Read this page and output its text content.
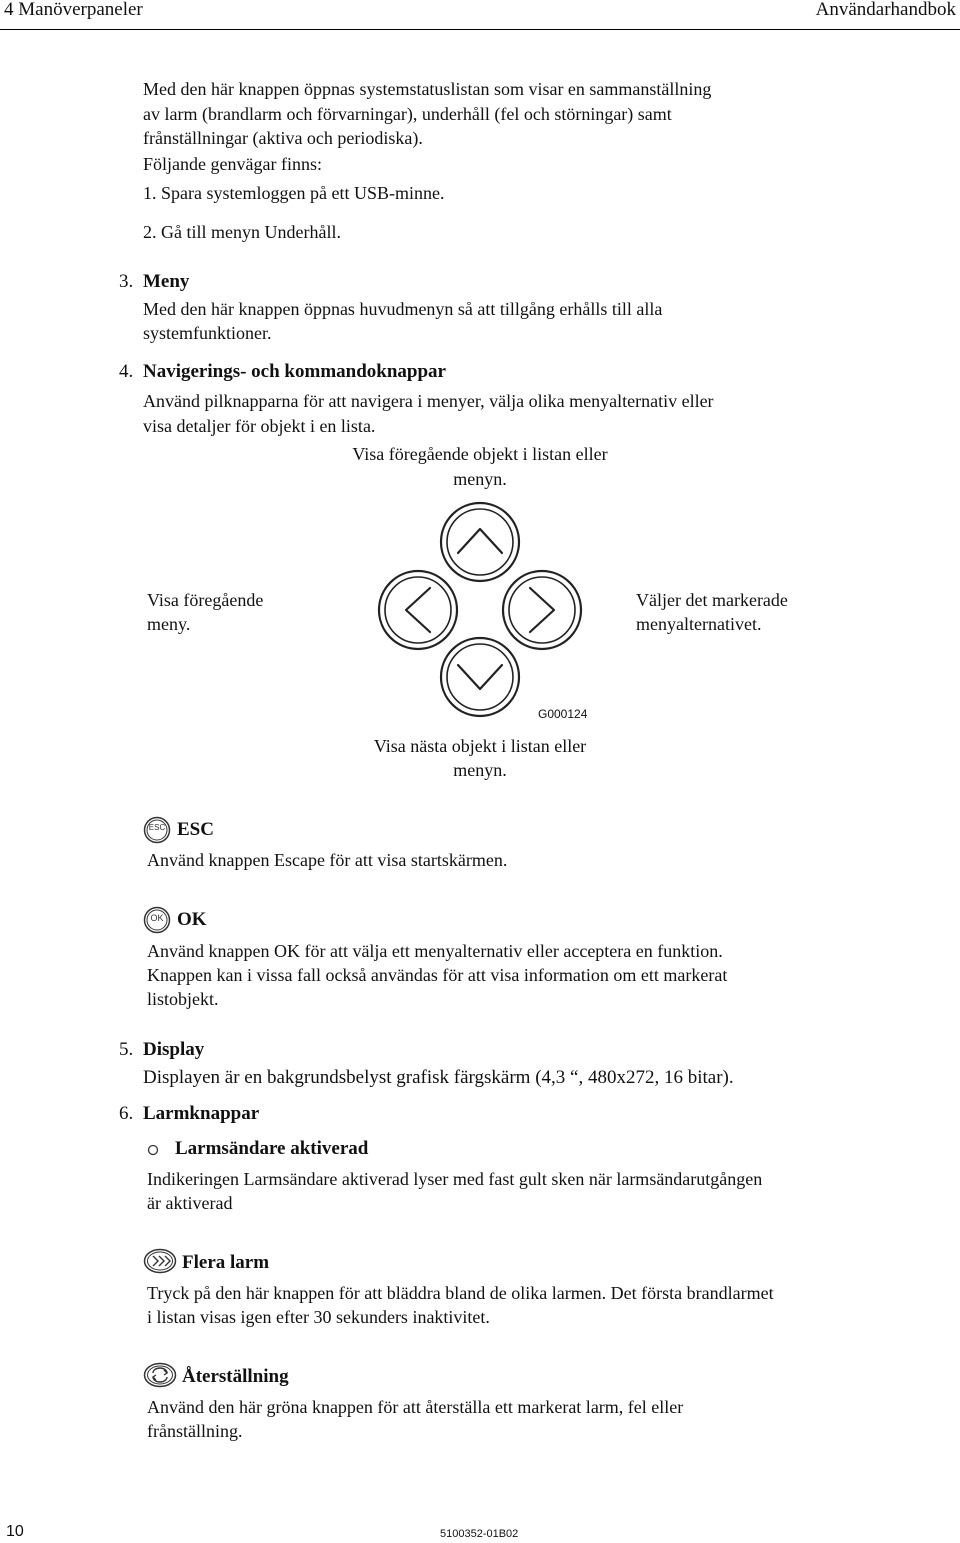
4 Manöverpaneler	Användarhandbok
Med den här knappen öppnas systemstatuslistan som visar en sammanställning
av larm (brandlarm och förvarningar), underhåll (fel och störningar) samt
frånställningar (aktiva och periodiska).
Följande genvägar finns:
1. Spara systemloggen på ett USB-minne.
2. Gå till menyn Underhåll.
3. Meny
Med den här knappen öppnas huvudmenyn så att tillgång erhålls till alla
systemfunktioner.
4. Navigerings- och kommandoknappar
Använd pilknapparna för att navigera i menyer, välja olika menyalternativ eller
visa detaljer för objekt i en lista.
Visa föregående objekt i listan eller
menyn.
Visa föregående
meny.
Väljer det markerade
menyalternativet.
Visa nästa objekt i listan eller
menyn.
G000124
ESC ESC
Använd knappen Escape för att visa startskärmen.
OK OK
Använd knappen OK för att välja ett menyalternativ eller acceptera en funktion.
Knappen kan i vissa fall också användas för att visa information om ett markerat
listobjekt.
5. Display
Displayen är en bakgrundsbelyst grafisk färgskärm (4,3 “, 480x272, 16 bitar).
6. Larmknappar
Larmsändare aktiverad
Indikeringen Larmsändare aktiverad lyser med fast gult sken när larmsändarutgången
är aktiverad
Flera larm
Tryck på den här knappen för att bläddra bland de olika larmen. Det första brandlarmet
i listan visas igen efter 30 sekunders inaktivitet.
Återställning
Använd den här gröna knappen för att återställa ett markerat larm, fel eller
frånställning.
10	5100352-01B02
